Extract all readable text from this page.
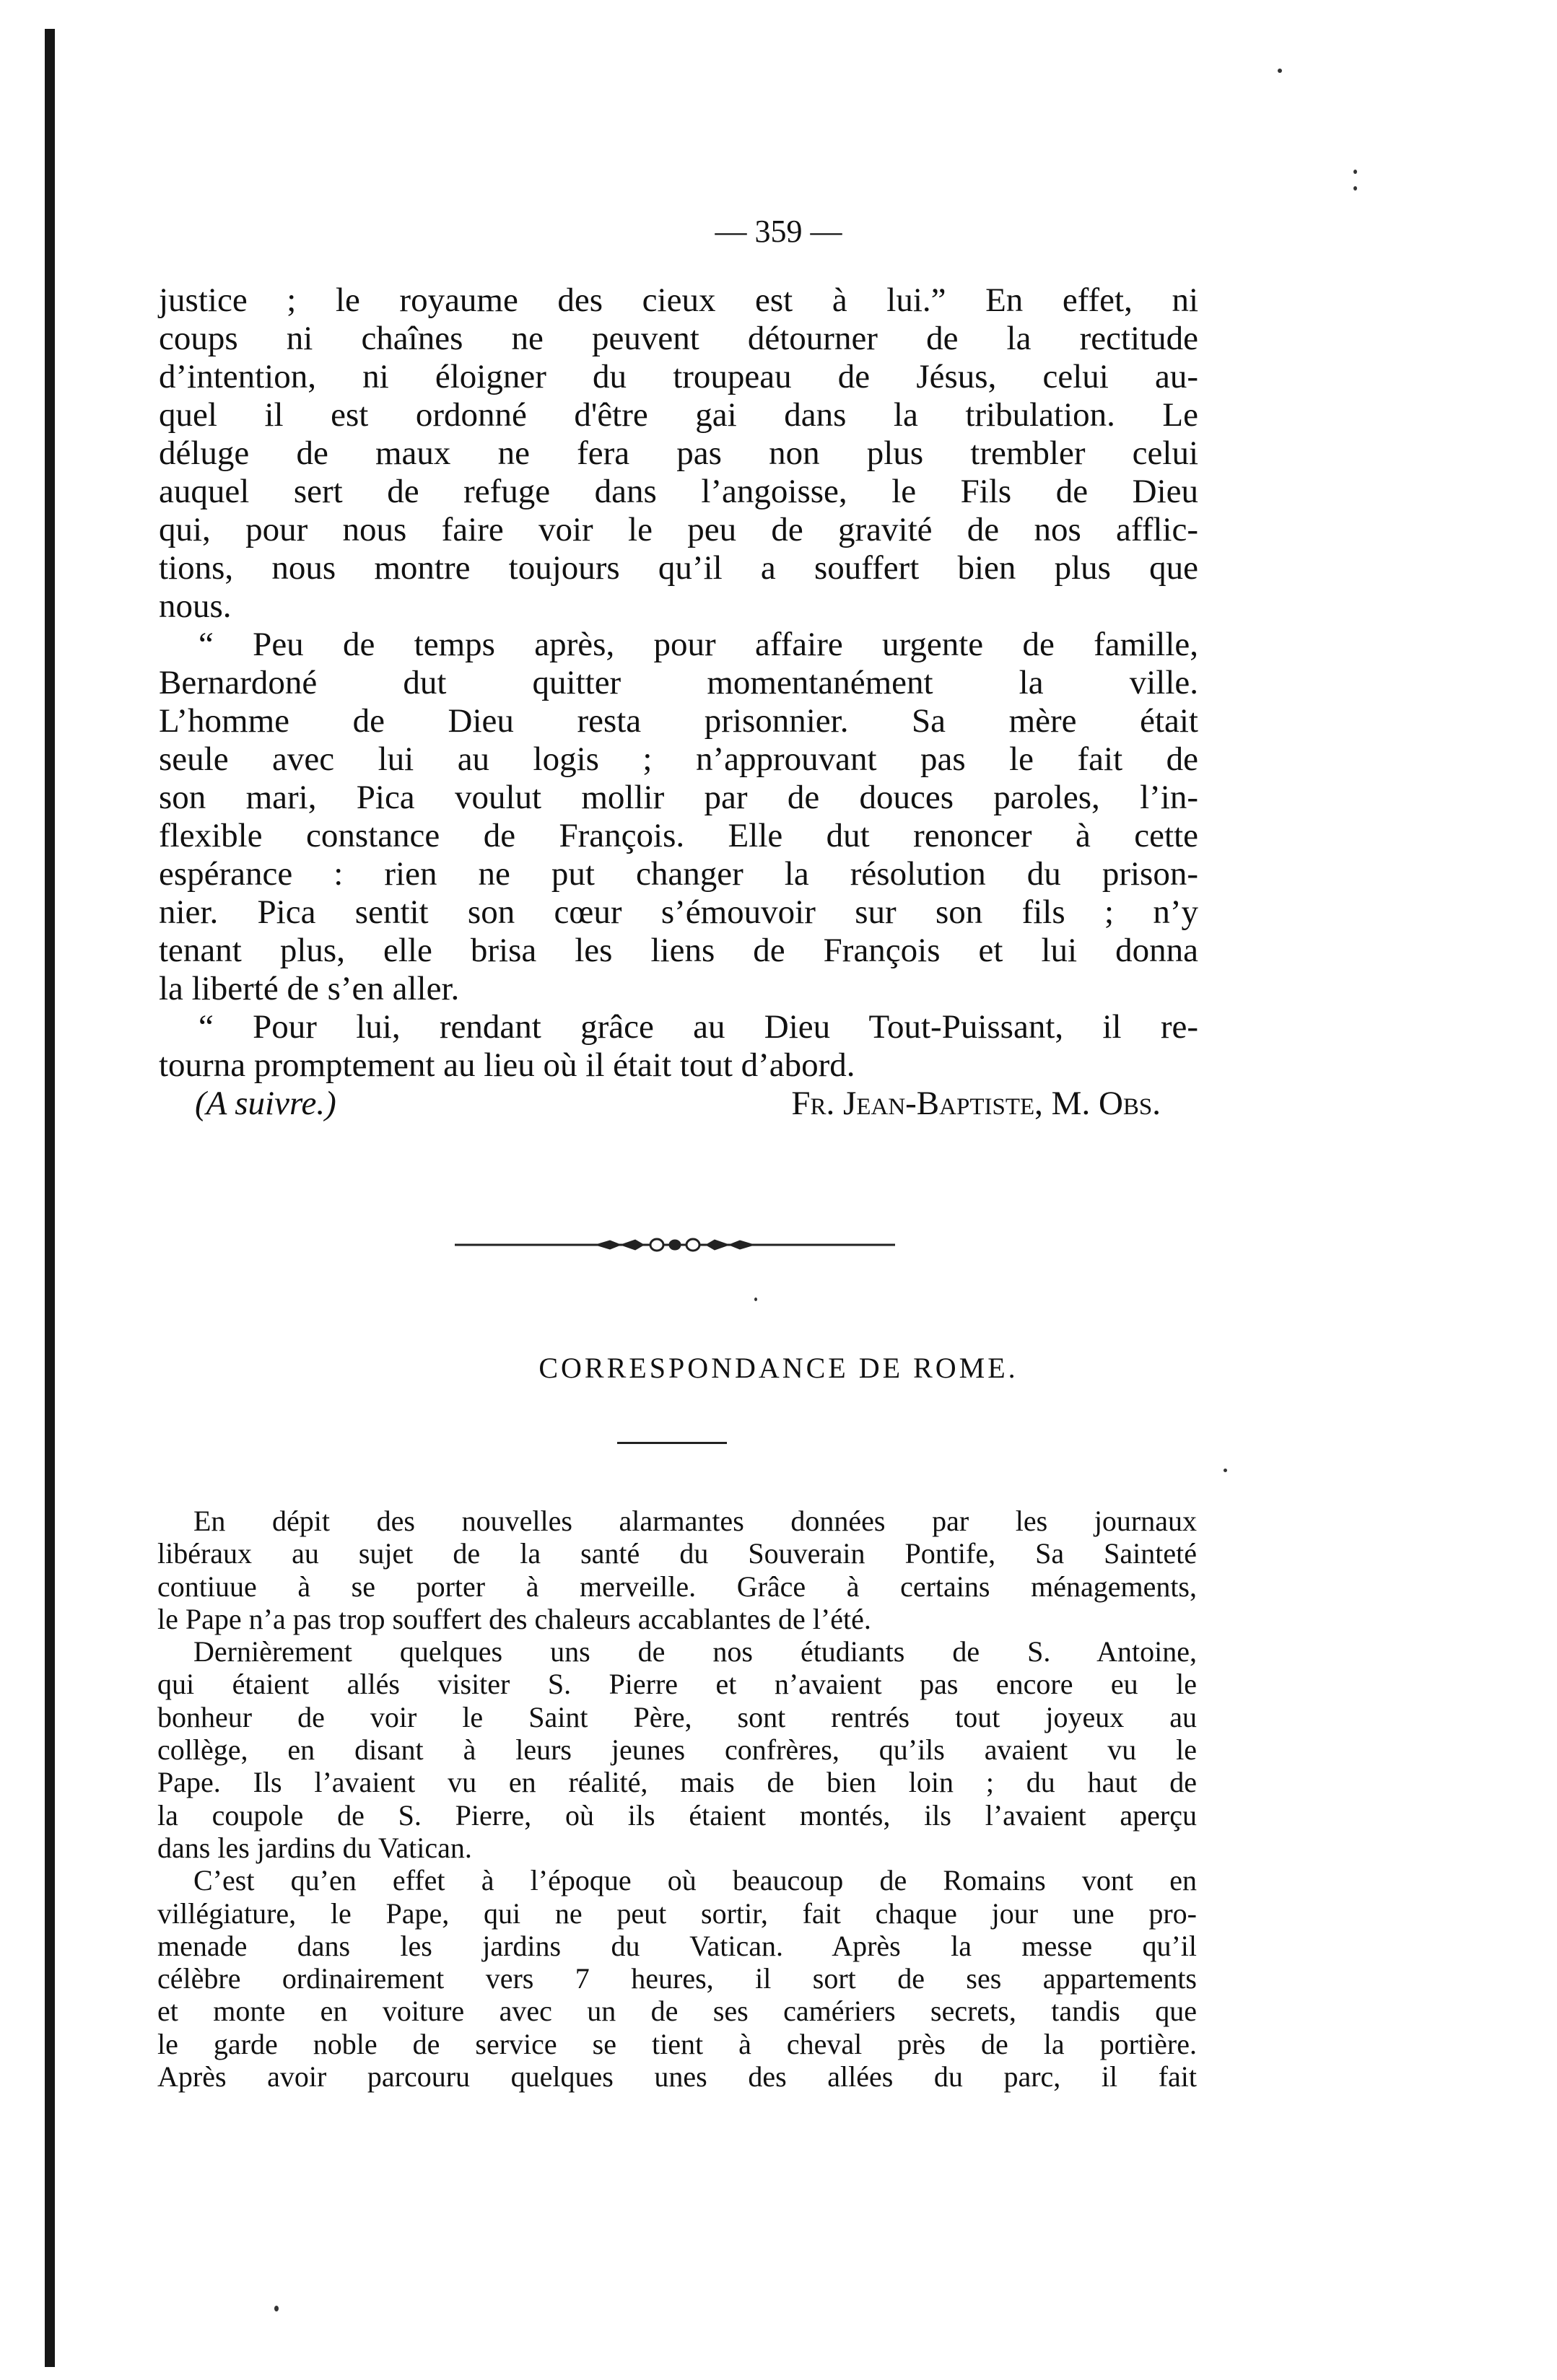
— 359 —
justice ; le royaume des cieux est à lui.” En effet, ni
coups ni chaînes ne peuvent détourner de la rectitude
d’intention, ni éloigner du troupeau de Jésus, celui au-
quel il est ordonné d'être gai dans la tribulation. Le
déluge de maux ne fera pas non plus trembler celui
auquel sert de refuge dans l’angoisse, le Fils de Dieu
qui, pour nous faire voir le peu de gravité de nos afflic-
tions, nous montre toujours qu’il a souffert bien plus que
nous.
“ Peu de temps après, pour affaire urgente de famille,
Bernardoné dut quitter momentanément la ville.
L’homme de Dieu resta prisonnier. Sa mère était
seule avec lui au logis ; n’approuvant pas le fait de
son mari, Pica voulut mollir par de douces paroles, l’in-
flexible constance de François. Elle dut renoncer à cette
espérance : rien ne put changer la résolution du prison-
nier. Pica sentit son cœur s’émouvoir sur son fils ; n’y
tenant plus, elle brisa les liens de François et lui donna
la liberté de s’en aller.
“ Pour lui, rendant grâce au Dieu Tout-Puissant, il re-
tourna promptement au lieu où il était tout d’abord.
(A suivre.)	Fr. Jean-Baptiste, M. Obs.
CORRESPONDANCE DE ROME.
En dépit des nouvelles alarmantes données par les journaux
libéraux au sujet de la santé du Souverain Pontife, Sa Sainteté
contiuue à se porter à merveille. Grâce à certains ménagements,
le Pape n’a pas trop souffert des chaleurs accablantes de l’été.
Dernièrement quelques uns de nos étudiants de S. Antoine,
qui étaient allés visiter S. Pierre et n’avaient pas encore eu le
bonheur de voir le Saint Père, sont rentrés tout joyeux au
collège, en disant à leurs jeunes confrères, qu’ils avaient vu le
Pape. Ils l’avaient vu en réalité, mais de bien loin ; du haut de
la coupole de S. Pierre, où ils étaient montés, ils l’avaient aperçu
dans les jardins du Vatican.
C’est qu’en effet à l’époque où beaucoup de Romains vont en
villégiature, le Pape, qui ne peut sortir, fait chaque jour une pro-
menade dans les jardins du Vatican. Après la messe qu’il
célèbre ordinairement vers 7 heures, il sort de ses appartements
et monte en voiture avec un de ses camériers secrets, tandis que
le garde noble de service se tient à cheval près de la portière.
Après avoir parcouru quelques unes des allées du parc, il fait
